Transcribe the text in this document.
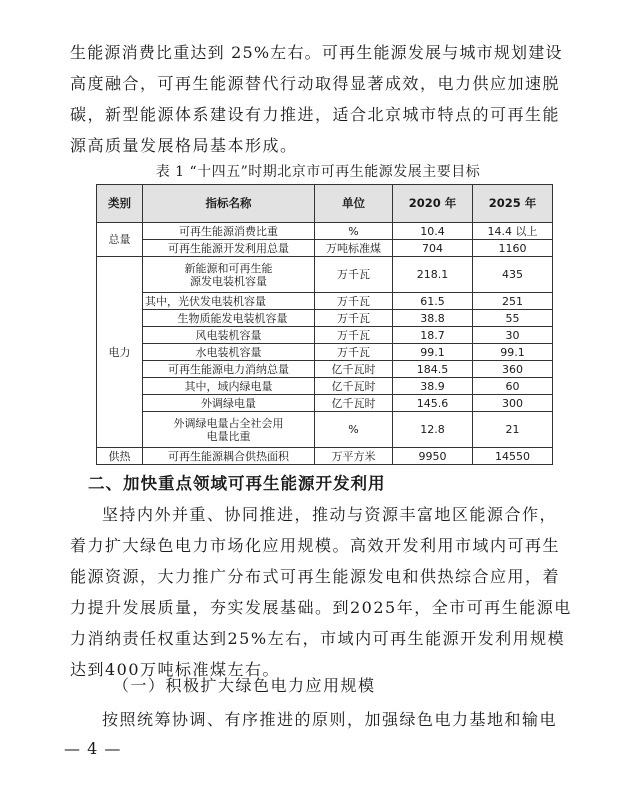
生能源消费比重达到 25%左右。可再生能源发展与城市规划建设
高度融合，可再生能源替代行动取得显著成效，电力供应加速脱
碳，新型能源体系建设有力推进，适合北京城市特点的可再生能
源高质量发展格局基本形成。
表 1 “十四五”时期北京市可再生能源发展主要目标
类别	指标名称	单位	2020 年	2025 年
总量	可再生能源消费比重	%	10.4	14.4 以上
	可再生能源开发利用总量	万吨标准煤	704	1160
电力	新能源和可再生能源发电装机容量	万千瓦	218.1	435
	其中，光伏发电装机容量	万千瓦	61.5	251
	生物质能发电装机容量	万千瓦	38.8	55
	风电装机容量	万千瓦	18.7	30
	水电装机容量	万千瓦	99.1	99.1
	可再生能源电力消纳总量	亿千瓦时	184.5	360
	其中，域内绿电量	亿千瓦时	38.9	60
	外调绿电量	亿千瓦时	145.6	300
	外调绿电量占全社会用电量比重	%	12.8	21
供热	可再生能源耦合供热面积	万平方米	9950	14550
二、加快重点领域可再生能源开发利用
坚持内外并重、协同推进，推动与资源丰富地区能源合作，
着力扩大绿色电力市场化应用规模。高效开发利用市域内可再生
能源资源，大力推广分布式可再生能源发电和供热综合应用，着
力提升发展质量，夯实发展基础。到2025年，全市可再生能源电
力消纳责任权重达到25%左右，市域内可再生能源开发利用规模
达到400万吨标准煤左右。
（一）积极扩大绿色电力应用规模
按照统筹协调、有序推进的原则，加强绿色电力基地和输电
— 4 —
